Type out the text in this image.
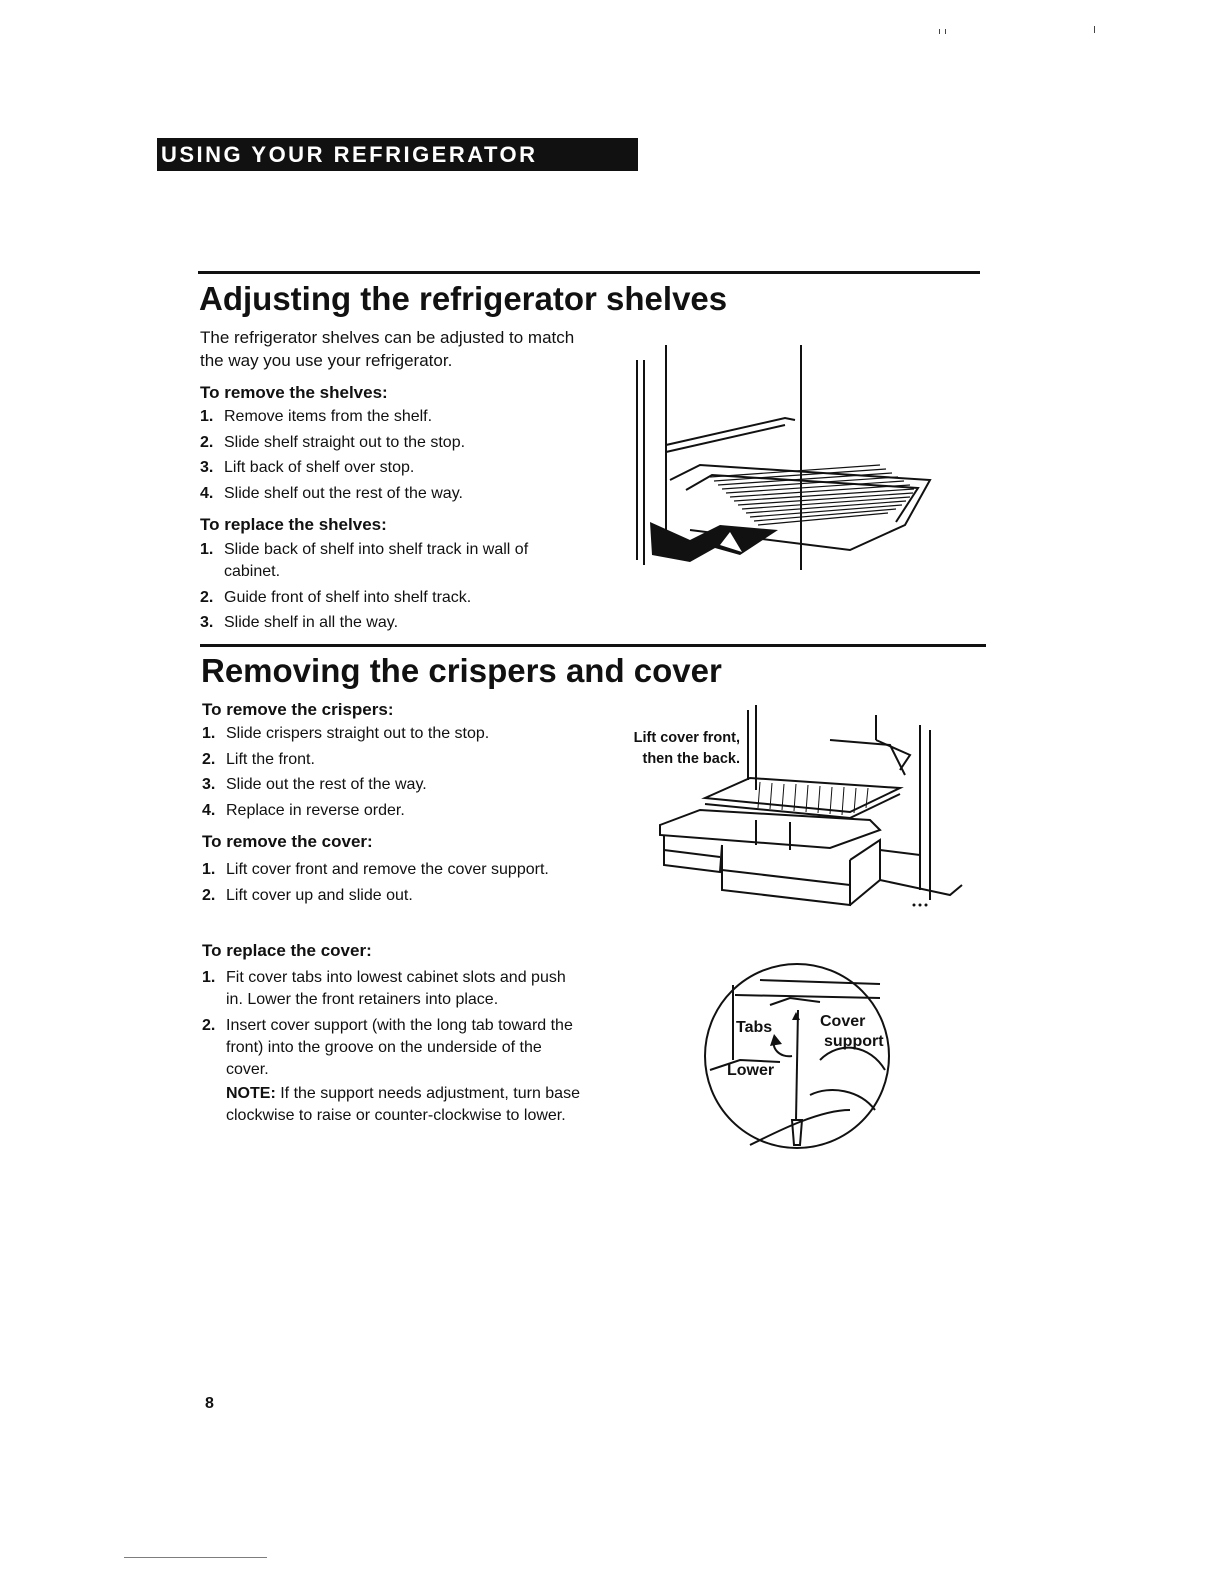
USING YOUR REFRIGERATOR
Adjusting the refrigerator shelves

The refrigerator shelves can be adjusted to match the way you use your refrigerator.

To remove the shelves:
1. Remove items from the shelf.
2. Slide shelf straight out to the stop.
3. Lift back of shelf over stop.
4. Slide shelf out the rest of the way.
To replace the shelves:
1. Slide back of shelf into shelf track in wall of cabinet.
2. Guide front of shelf into shelf track.
3. Slide shelf in all the way.
Removing the crispers and cover
To remove the crispers:
1. Slide crispers straight out to the stop.
2. Lift the front.
3. Slide out the rest of the way.
4. Replace in reverse order.
To remove the cover:
1. Lift cover front and remove the cover support.
2. Lift cover up and slide out.
To replace the cover:
1. Fit cover tabs into lowest cabinet slots and push in. Lower the front retainers into place.
2. Insert cover support (with the long tab toward the front) into the groove on the underside of the cover.
NOTE: If the support needs adjustment, turn base clockwise to raise or counter-clockwise to lower.
Lift cover front,
then the back.
Tabs	Cover
support
Lower
8
